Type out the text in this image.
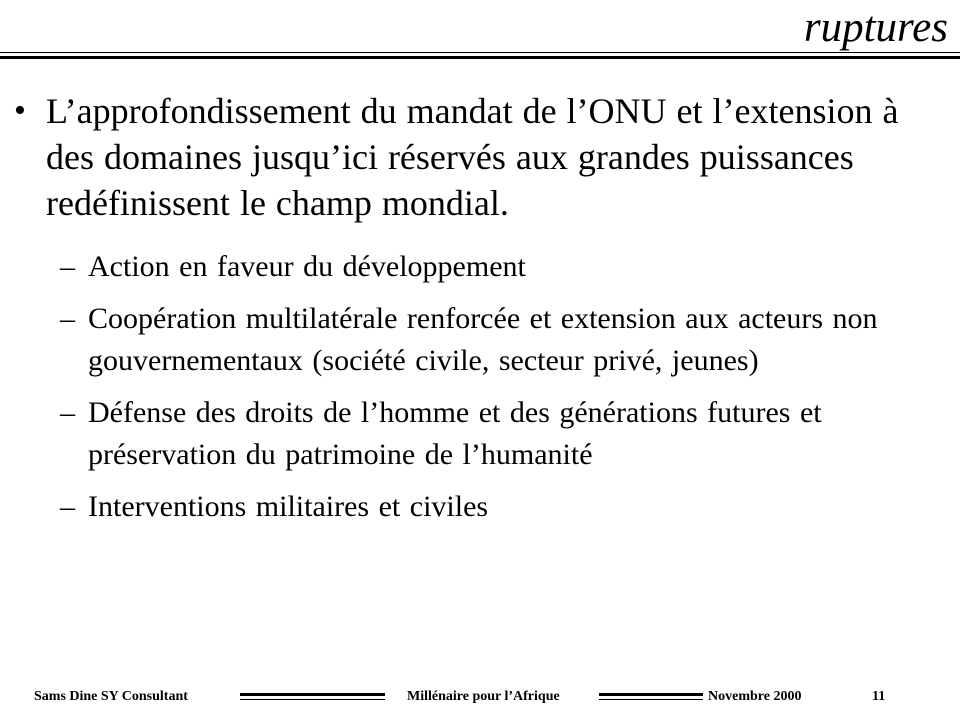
ruptures
• L’approfondissement du mandat de l’ONU et l’extension à des domaines jusqu’ici réservés aux grandes puissances redéfinissent le champ mondial.
– Action en faveur du développement
– Coopération multilatérale renforcée et extension aux acteurs non gouvernementaux (société civile, secteur privé, jeunes)
– Défense des droits de l’homme et des générations futures et préservation du patrimoine de l’humanité
– Interventions militaires et civiles
Sams Dine SY Consultant	Millénaire pour l’Afrique	Novembre 2000	11
